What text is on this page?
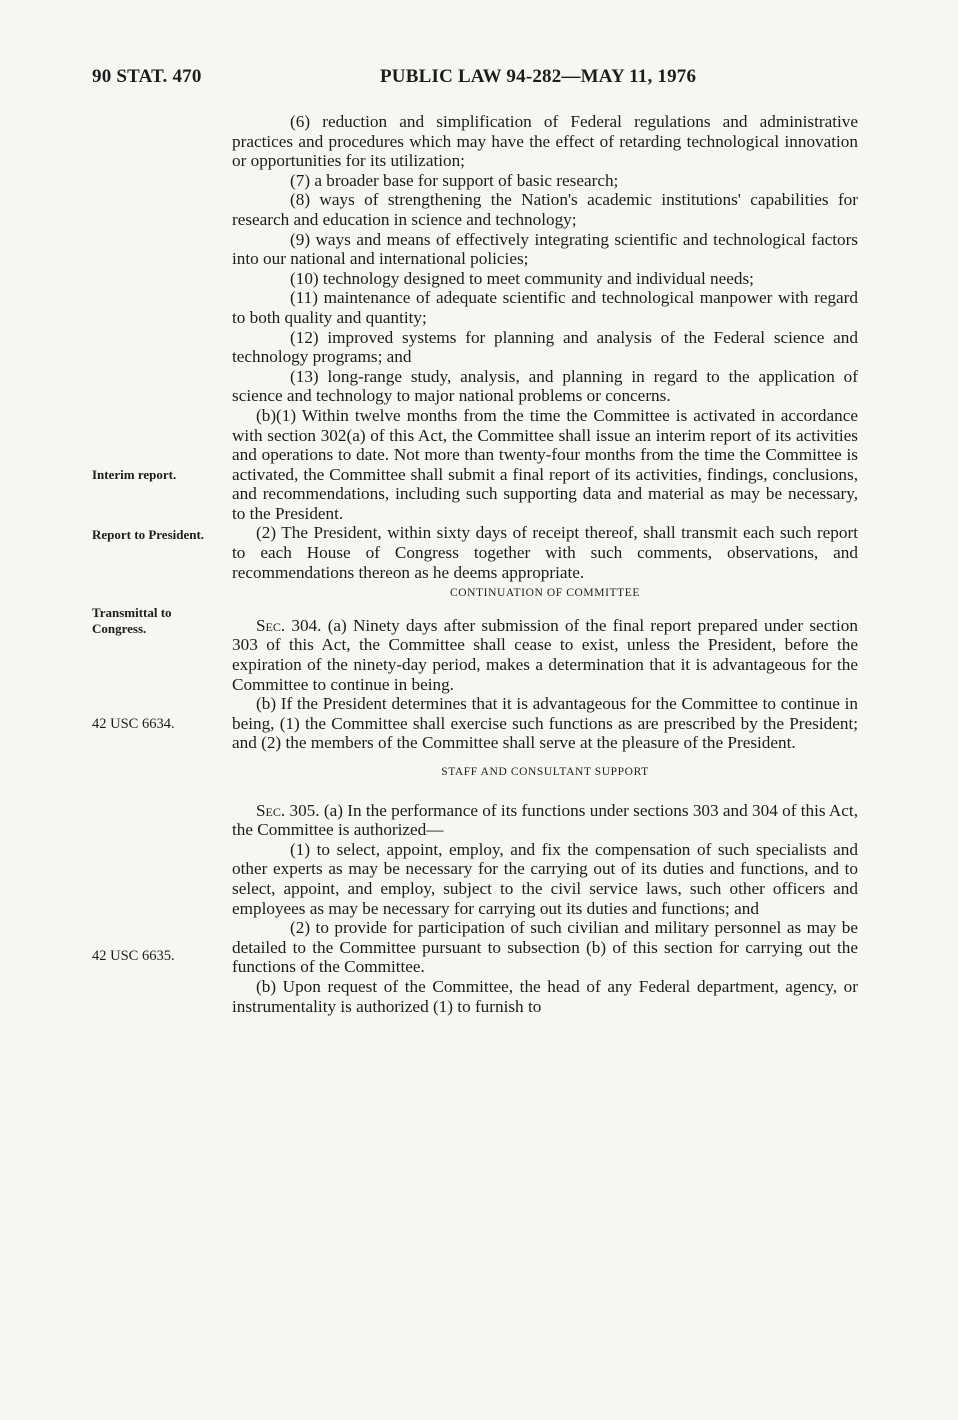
90 STAT. 470	PUBLIC LAW 94-282—MAY 11, 1976
Interim report.
Report to President.
Transmittal to Congress.
42 USC 6634.
42 USC 6635.

(6) reduction and simplification of Federal regulations and administrative practices and procedures which may have the effect of retarding technological innovation or opportunities for its utilization;

(7) a broader base for support of basic research;

(8) ways of strengthening the Nation's academic institutions' capabilities for research and education in science and technology;

(9) ways and means of effectively integrating scientific and technological factors into our national and international policies;

(10) technology designed to meet community and individual needs;

(11) maintenance of adequate scientific and technological manpower with regard to both quality and quantity;

(12) improved systems for planning and analysis of the Federal science and technology programs; and

(13) long-range study, analysis, and planning in regard to the application of science and technology to major national problems or concerns.

(b)(1) Within twelve months from the time the Committee is activated in accordance with section 302(a) of this Act, the Committee shall issue an interim report of its activities and operations to date. Not more than twenty-four months from the time the Committee is activated, the Committee shall submit a final report of its activities, findings, conclusions, and recommendations, including such supporting data and material as may be necessary, to the President.

(2) The President, within sixty days of receipt thereof, shall transmit each such report to each House of Congress together with such comments, observations, and recommendations thereon as he deems appropriate.

CONTINUATION OF COMMITTEE

Sec. 304. (a) Ninety days after submission of the final report prepared under section 303 of this Act, the Committee shall cease to exist, unless the President, before the expiration of the ninety-day period, makes a determination that it is advantageous for the Committee to continue in being.

(b) If the President determines that it is advantageous for the Committee to continue in being, (1) the Committee shall exercise such functions as are prescribed by the President; and (2) the members of the Committee shall serve at the pleasure of the President.

STAFF AND CONSULTANT SUPPORT

Sec. 305. (a) In the performance of its functions under sections 303 and 304 of this Act, the Committee is authorized—

(1) to select, appoint, employ, and fix the compensation of such specialists and other experts as may be necessary for the carrying out of its duties and functions, and to select, appoint, and employ, subject to the civil service laws, such other officers and employees as may be necessary for carrying out its duties and functions; and

(2) to provide for participation of such civilian and military personnel as may be detailed to the Committee pursuant to subsection (b) of this section for carrying out the functions of the Committee.

(b) Upon request of the Committee, the head of any Federal department, agency, or instrumentality is authorized (1) to furnish to
